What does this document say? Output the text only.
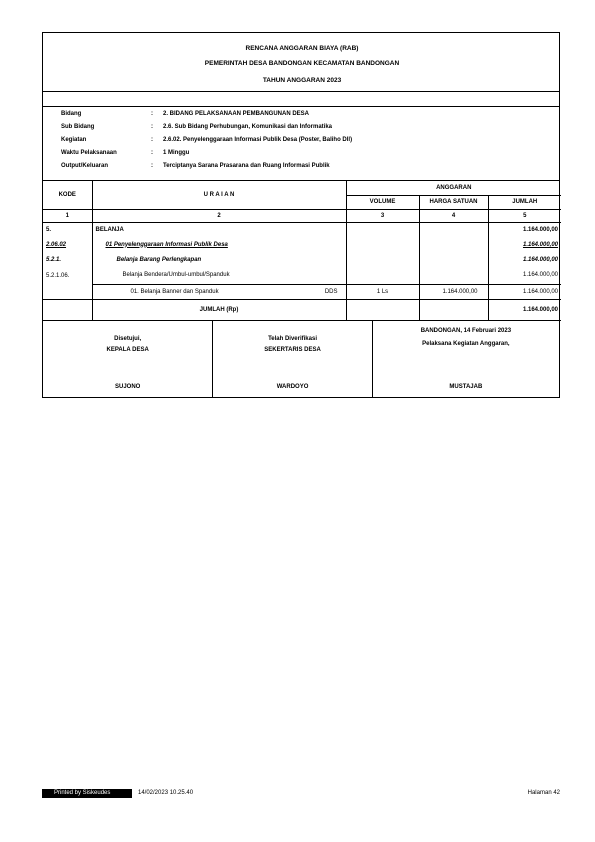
RENCANA ANGGARAN BIAYA (RAB)
PEMERINTAH DESA BANDONGAN KECAMATAN BANDONGAN
TAHUN ANGGARAN 2023
Bidang	:	2. BIDANG PELAKSANAAN PEMBANGUNAN DESA
Sub Bidang	:	2.6. Sub Bidang Perhubungan, Komunikasi dan Informatika
Kegiatan	:	2.6.02. Penyelenggaraan Informasi Publik Desa (Poster, Baliho Dll)
Waktu Pelaksanaan	:	1 Minggu
Output/Keluaran	:	Terciptanya Sarana Prasarana dan Ruang Informasi Publik
KODE	U R A I A N	ANGGARAN		
		VOLUME	HARGA SATUAN	JUMLAH
1	2	3	4	5
5.	BELANJA			1.164.000,00
2.06.02	01 Penyelenggaraan Informasi Publik Desa			1.164.000,00
5.2.1.	Belanja Barang Perlengkapan			1.164.000,00
5.2.1.06.	Belanja Bendera/Umbul-umbul/Spanduk			1.164.000,00
	01. Belanja Banner dan Spanduk DDS	1 Ls	1.164.000,00	1.164.000,00
	JUMLAH (Rp)			1.164.000,00
Disetujui,
KEPALA DESA
SUJONO
Telah Diverifikasi
SEKERTARIS DESA
WARDOYO
BANDONGAN, 14 Februari 2023
Pelaksana Kegiatan Anggaran,
MUSTAJAB
Printed by Siskeudes	14/02/2023 10.25.40	Halaman 42
